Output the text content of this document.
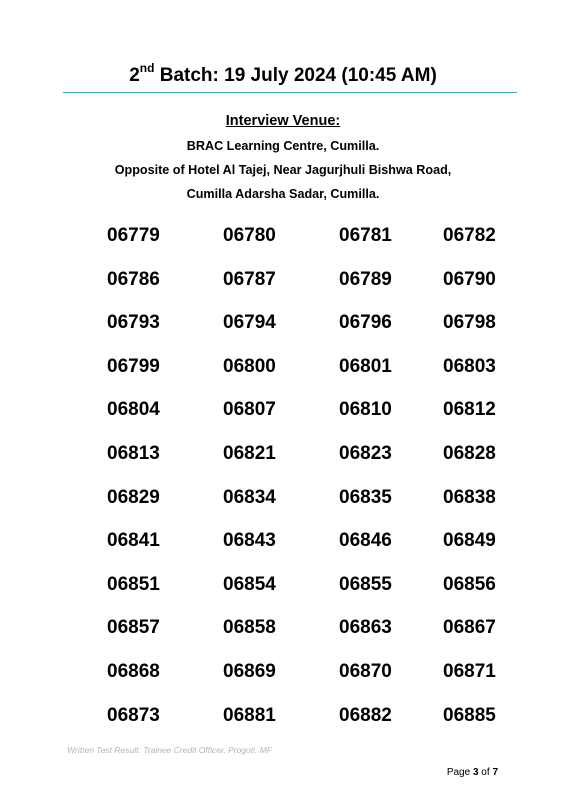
2nd Batch: 19 July 2024 (10:45 AM)
Interview Venue:
BRAC Learning Centre, Cumilla.
Opposite of Hotel Al Tajej, Near Jagurjhuli Bishwa Road,
Cumilla Adarsha Sadar, Cumilla.
06779	06780	06781	06782
06786	06787	06789	06790
06793	06794	06796	06798
06799	06800	06801	06803
06804	06807	06810	06812
06813	06821	06823	06828
06829	06834	06835	06838
06841	06843	06846	06849
06851	06854	06855	06856
06857	06858	06863	06867
06868	06869	06870	06871
06873	06881	06882	06885
Written Test Result: Trainee Credit Officer, Progoti, MF
Page 3 of 7
